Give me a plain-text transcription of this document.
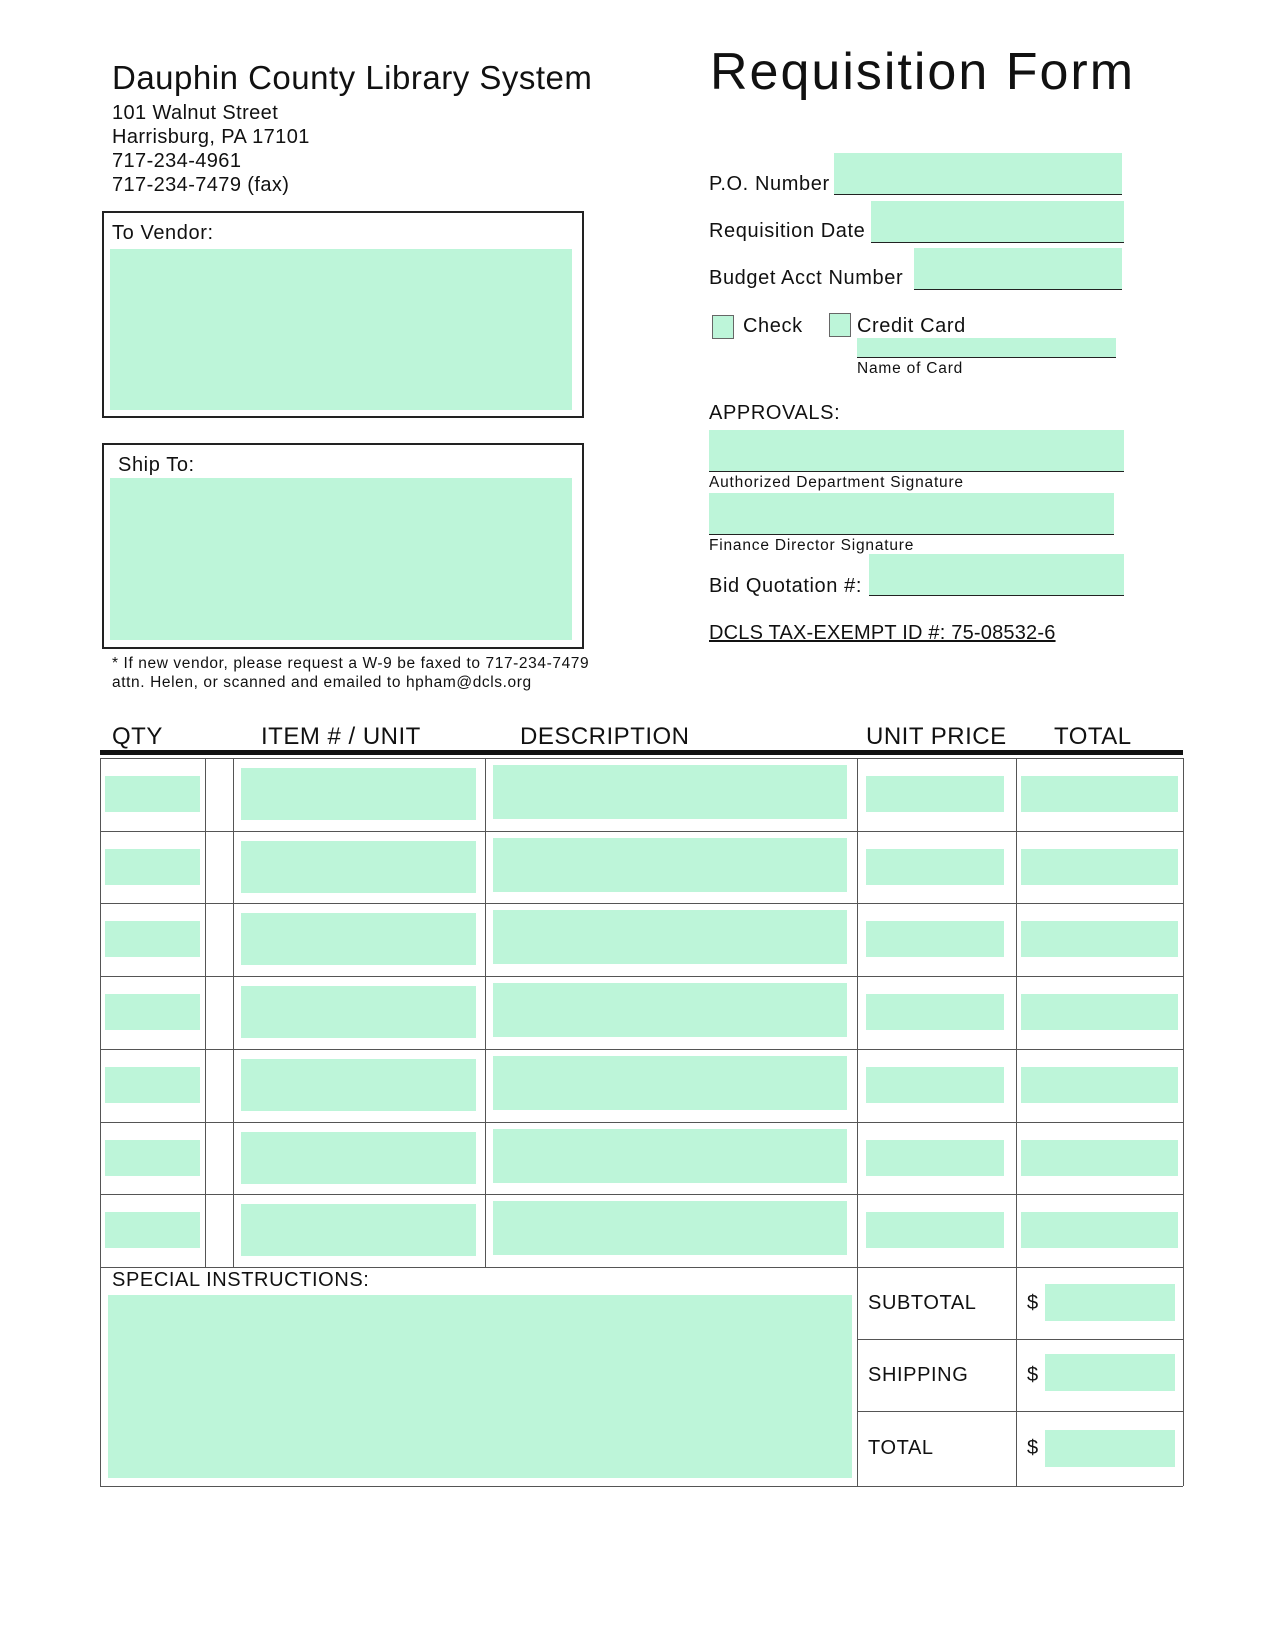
Dauphin County Library System
101 Walnut Street
Harrisburg, PA 17101
717-234-4961
717-234-7479 (fax)
Requisition Form
To Vendor:
Ship To:
* If new vendor, please request a W-9 be faxed to 717-234-7479
attn. Helen, or scanned and emailed to hpham@dcls.org
P.O. Number
Requisition Date
Budget Acct Number
Check	Credit Card
Name of Card
APPROVALS:
Authorized Department Signature
Finance Director Signature
Bid Quotation #:
DCLS TAX-EXEMPT ID #: 75-08532-6
QTY	ITEM # / UNIT	DESCRIPTION	UNIT PRICE TOTAL
SPECIAL INSTRUCTIONS:
SUBTOTAL	$
SHIPPING	$
TOTAL	$
